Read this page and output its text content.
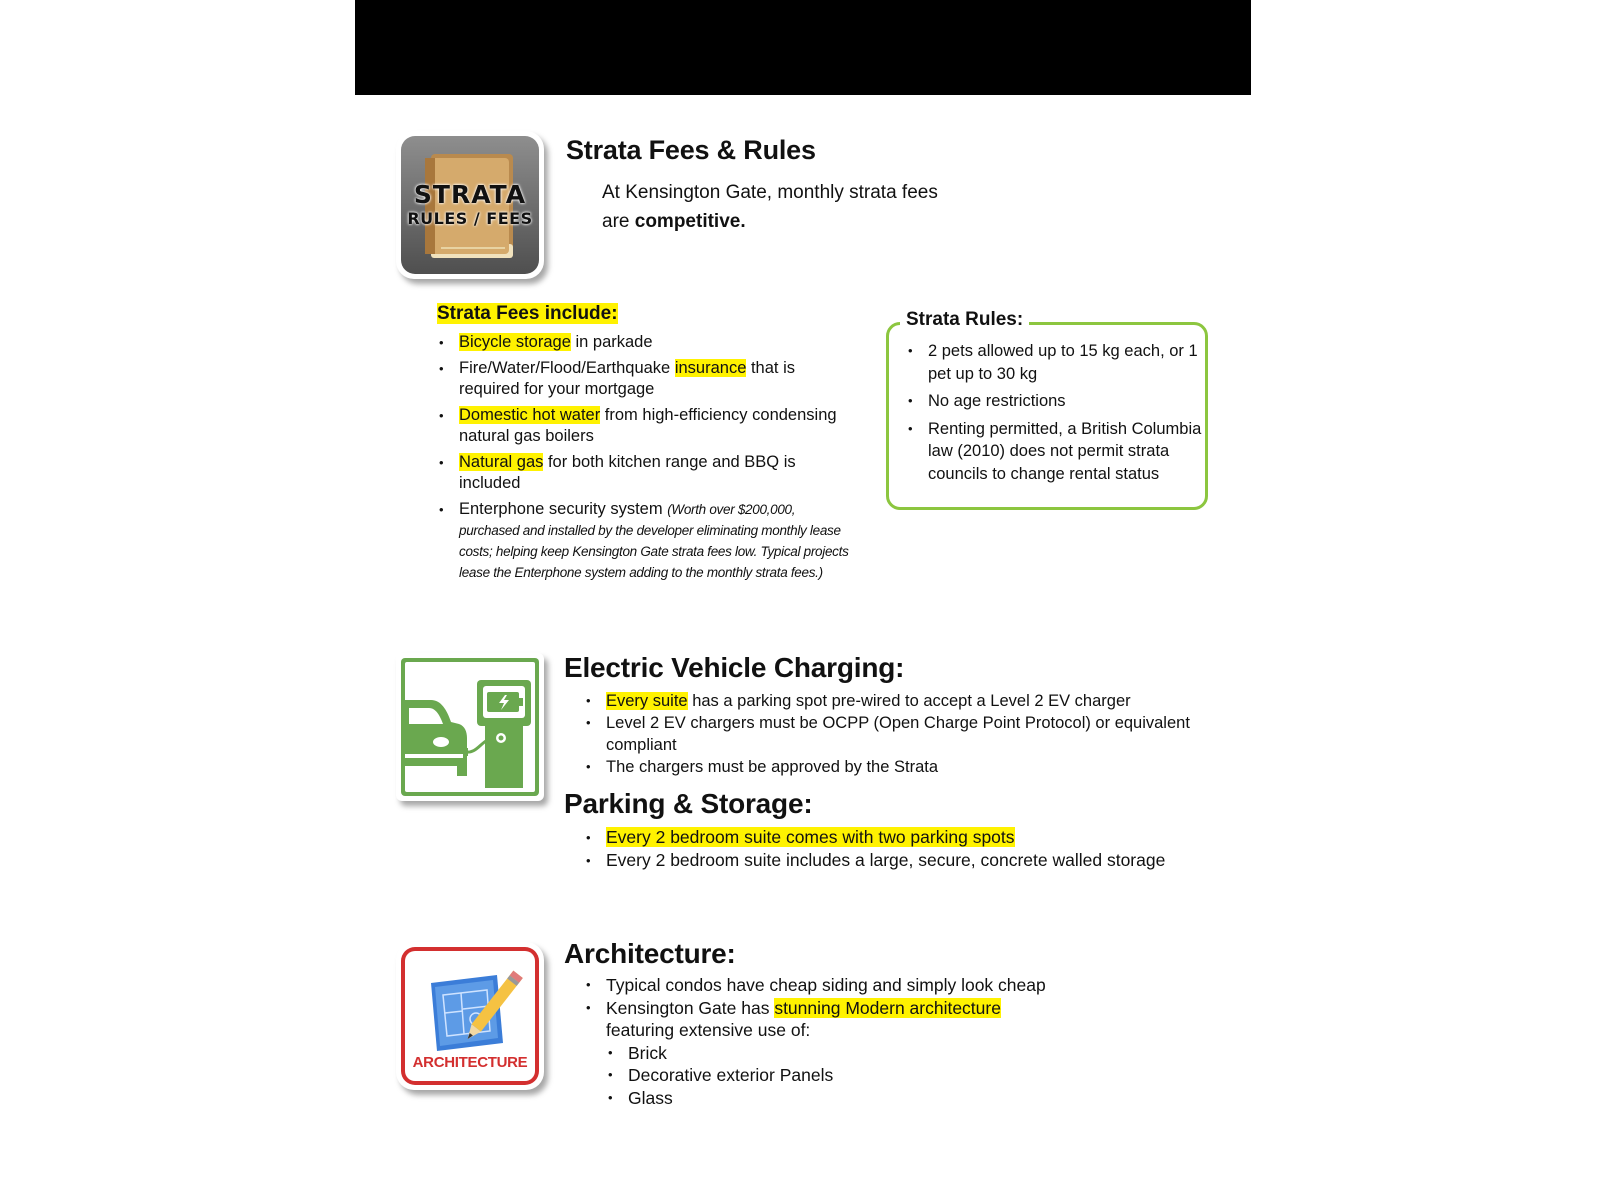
STRATA
RULES / FEES
Strata Fees & Rules
At Kensington Gate, monthly strata fees
are competitive.
Strata Fees include:
• Bicycle storage in parkade
• Fire/Water/Flood/Earthquake insurance that is required for your mortgage
• Domestic hot water from high-efficiency condensing natural gas boilers
• Natural gas for both kitchen range and BBQ is included
• Enterphone security system (Worth over $200,000, purchased and installed by the developer eliminating monthly lease costs; helping keep Kensington Gate strata fees low. Typical projects lease the Enterphone system adding to the monthly strata fees.)
Strata Rules:
• 2 pets allowed up to 15 kg each, or 1 pet up to 30 kg
• No age restrictions
• Renting permitted, a British Columbia law (2010) does not permit strata councils to change rental status
Electric Vehicle Charging:
• Every suite has a parking spot pre-wired to accept a Level 2 EV charger
• Level 2 EV chargers must be OCPP (Open Charge Point Protocol) or equivalent compliant
• The chargers must be approved by the Strata
Parking & Storage:
• Every 2 bedroom suite comes with two parking spots
• Every 2 bedroom suite includes a large, secure, concrete walled storage
ARCHITECTURE
Architecture:
• Typical condos have cheap siding and simply look cheap
• Kensington Gate has stunning Modern architecture
featuring extensive use of:
• Brick
• Decorative exterior Panels
• Glass
